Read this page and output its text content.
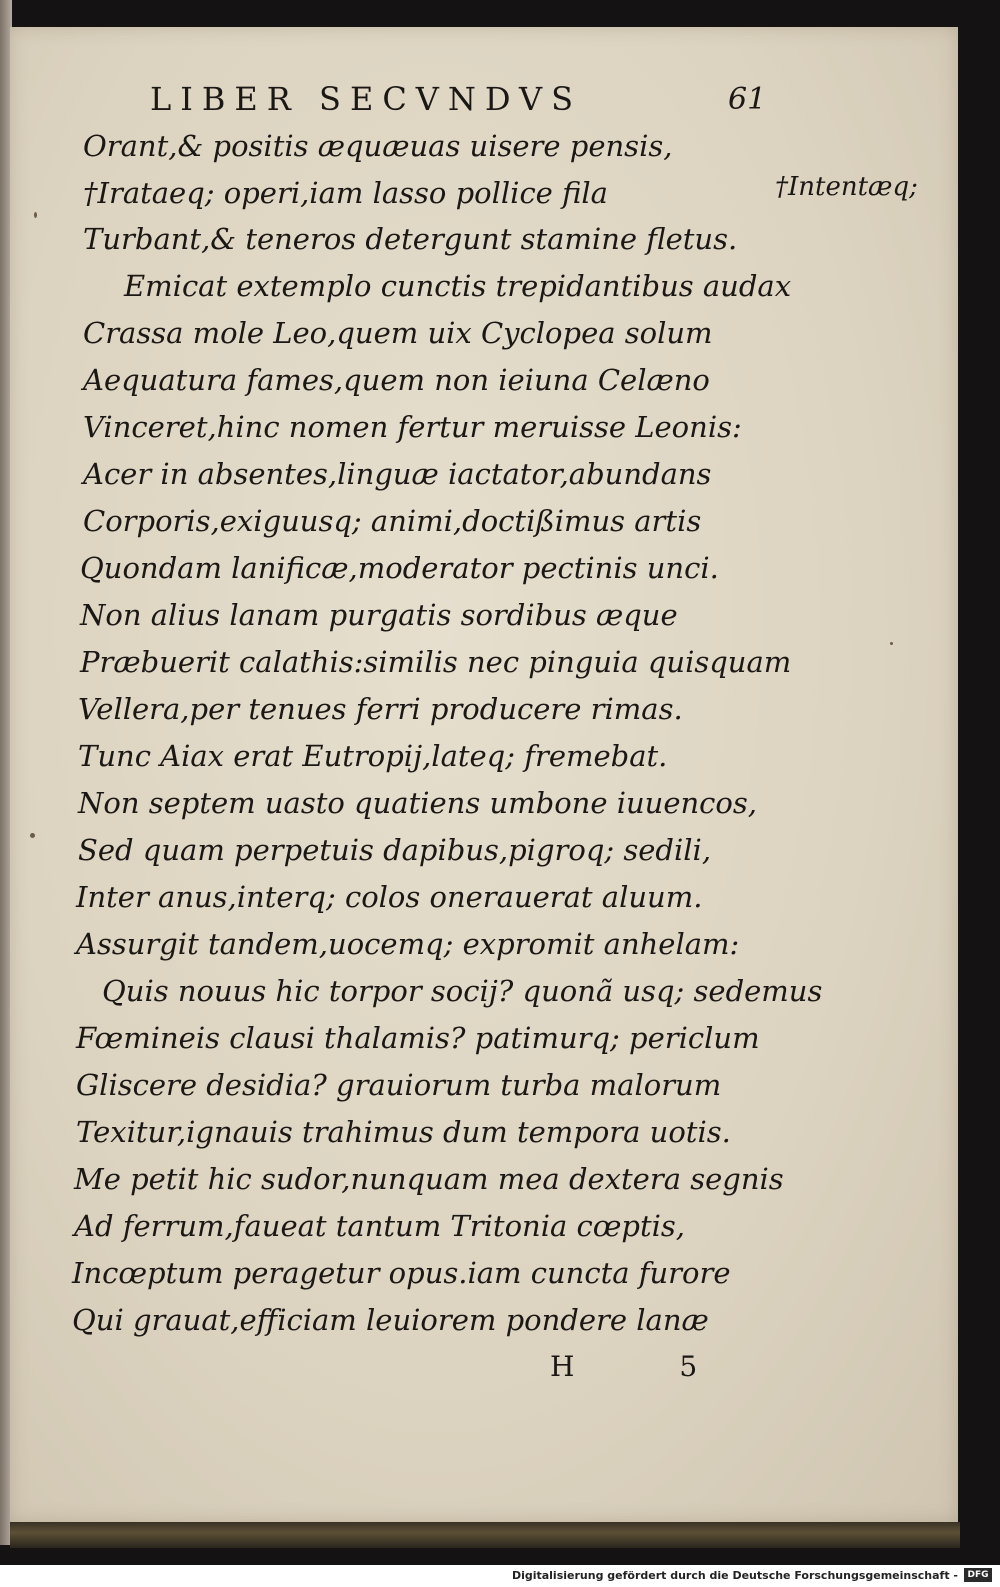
LIBER SECVNDVS	61
†Intentæq;
Orant,& positis æquæuas uisere pensis,
†Irataeq; operi,iam lasso pollice fila
Turbant,& teneros detergunt stamine fletus.
Emicat extemplo cunctis trepidantibus audax
Crassa mole Leo,quem uix Cyclopea solum
Aequatura fames,quem non ieiuna Celæno
Vinceret,hinc nomen fertur meruisse Leonis:
Acer in absentes,linguæ iactator,abundans
Corporis,exiguusq; animi,doctißimus artis
Quondam lanificæ,moderator pectinis unci.
Non alius lanam purgatis sordibus æque
Præbuerit calathis:similis nec pinguia quisquam
Vellera,per tenues ferri producere rimas.
Tunc Aiax erat Eutropij,lateq; fremebat.
Non septem uasto quatiens umbone iuuencos,
Sed quam perpetuis dapibus,pigroq; sedili,
Inter anus,interq; colos onerauerat aluum.
Assurgit tandem,uocemq; expromit anhelam:
Quis nouus hic torpor socij? quonã usq; sedemus
Fœmineis clausi thalamis? patimurq; periclum
Gliscere desidia? grauiorum turba malorum
Texitur,ignauis trahimus dum tempora uotis.
Me petit hic sudor,nunquam mea dextera segnis
Ad ferrum,faueat tantum Tritonia cœptis,
Incœptum peragetur opus.iam cuncta furore
Qui grauat,efficiam leuiorem pondere lanæ
H 5
Digitalisierung gefördert durch die Deutsche Forschungsgemeinschaft -	DFG
